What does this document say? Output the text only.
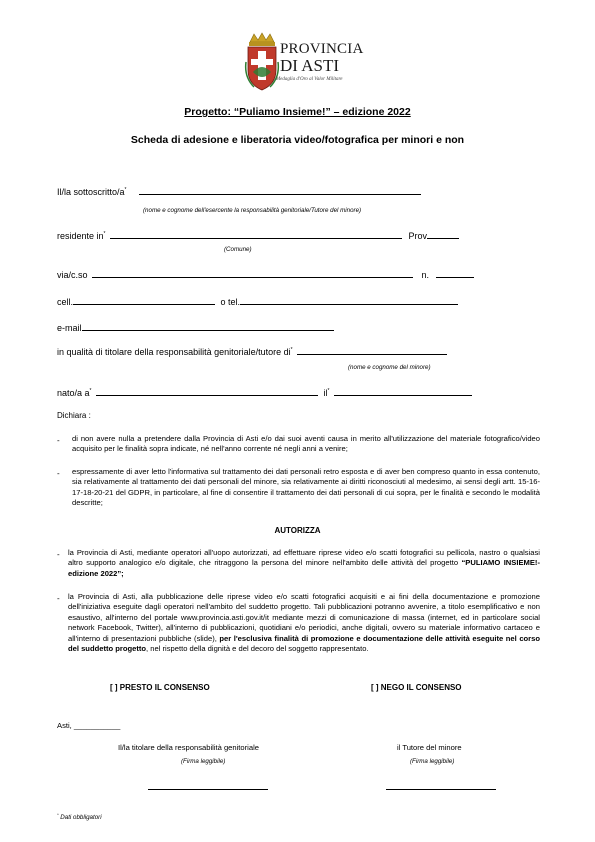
PROVINCIA
DI ASTI
Medaglia d'Oro al Valor Militare
Progetto: “Puliamo Insieme!” – edizione 2022
Scheda di adesione e liberatoria video/fotografica per minori e non
Il/la sottoscritto/a*
(nome e cognome dell'esercente la responsabilità genitoriale/Tutore del minore)
residente in*	Prov
(Comune)
via/c.so	n.
cell.	o tel.
e-mail
in qualità di titolare della responsabilità genitoriale/tutore di*
(nome e cognome del minore)
nato/a a*	il*
Dichiara :
- di non avere nulla a pretendere dalla Provincia di Asti e/o dai suoi aventi causa in merito all'utilizzazione del materiale fotografico/video acquisito per le finalità sopra indicate, né nell'anno corrente né negli anni a venire;
- espressamente di aver letto l'informativa sul trattamento dei dati personali retro esposta e di aver ben compreso quanto in essa contenuto, sia relativamente al trattamento dei dati personali del minore, sia relativamente ai diritti riconosciuti al medesimo, ai sensi degli artt. 15-16-17-18-20-21 del GDPR, in particolare, al fine di consentire il trattamento dei dati personali di cui sopra, per le finalità e secondo le modalità descritte;
AUTORIZZA
- la Provincia di Asti, mediante operatori all'uopo autorizzati, ad effettuare riprese video e/o scatti fotografici su pellicola, nastro o qualsiasi altro supporto analogico e/o digitale, che ritraggono la persona del minore nell'ambito delle attività del progetto “PULIAMO INSIEME!-edizione 2022”;
- la Provincia di Asti, alla pubblicazione delle riprese video e/o scatti fotografici acquisiti e ai fini della documentazione e promozione dell'iniziativa eseguite dagli operatori nell'ambito del suddetto progetto. Tali pubblicazioni potranno avvenire, a titolo esemplificativo e non esaustivo, all'interno del portale www.provincia.asti.gov.it/it mediante mezzi di comunicazione di massa (internet, ed in particolare social network Facebook, Twitter), all'interno di pubblicazioni, quotidiani e/o periodici, anche digitali, ovvero su materiale informativo cartaceo e all'interno di presentazioni pubbliche (slide), per l'esclusiva finalità di promozione e documentazione delle attività eseguite nel corso del suddetto progetto, nel rispetto della dignità e del decoro del soggetto rappresentato.
[ ] PRESTO IL CONSENSO	[ ] NEGO IL CONSENSO
Asti, ___________
Il/la titolare della responsabilità genitoriale
(Firma leggibile)
il Tutore del minore
(Firma leggibile)
* Dati obbligatori
